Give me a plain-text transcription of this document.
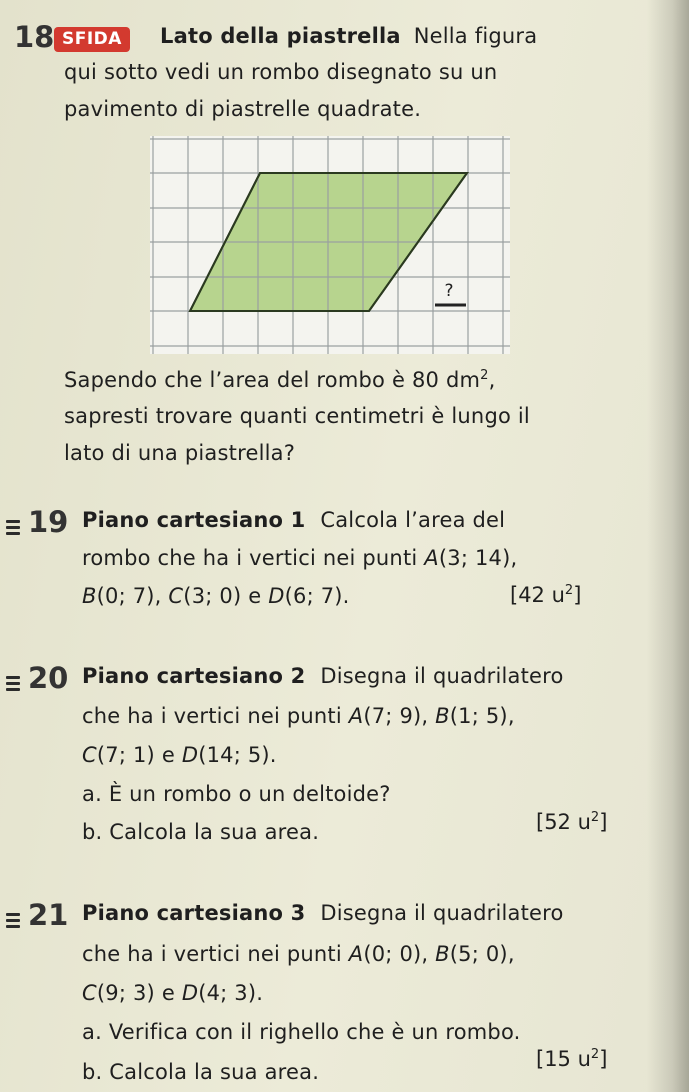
18 SFIDA	Lato della piastrella Nella figura
qui sotto vedi un rombo disegnato su un
pavimento di piastrelle quadrate.
?
Sapendo che l’area del rombo è 80 $dm^2$,
sapresti trovare quanti centimetri è lungo il
lato di una piastrella?
19 Piano cartesiano 1 Calcola l’area del
rombo che ha i vertici nei punti A(3; 14),
B(0; 7), C(3; 0) e D(6; 7).	[42 $u^2$]
20 Piano cartesiano 2 Disegna il quadrilatero
che ha i vertici nei punti A(7; 9), B(1; 5),
C(7; 1) e D(14; 5).
a. È un rombo o un deltoide?
b. Calcola la sua area.	[52 $u^2$]
21 Piano cartesiano 3 Disegna il quadrilatero
che ha i vertici nei punti A(0; 0), B(5; 0),
C(9; 3) e D(4; 3).
a. Verifica con il righello che è un rombo.
b. Calcola la sua area.
[15 $u^2$]
